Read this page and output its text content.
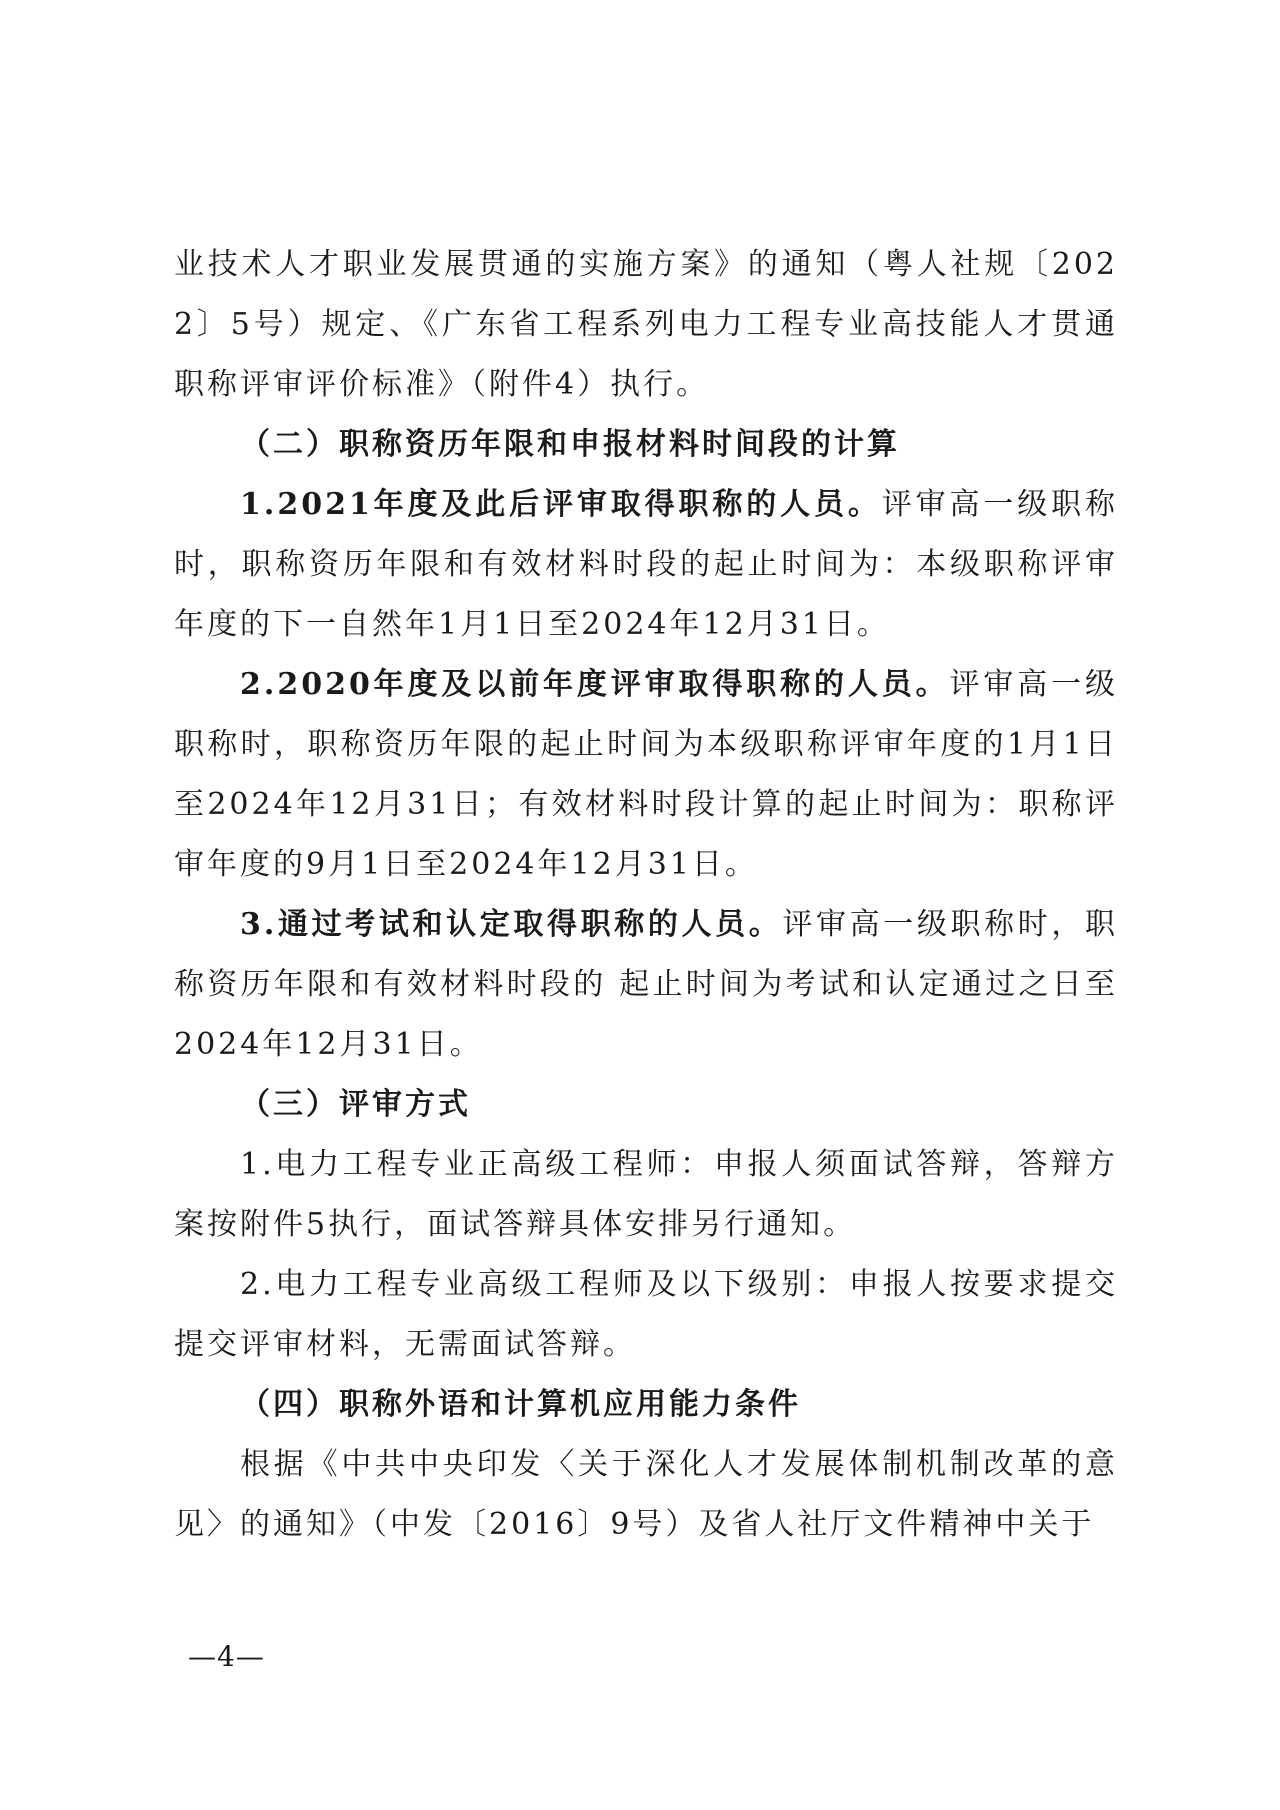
业技术人才职业发展贯通的实施方案》的通知（粤人社规〔2022〕5号）规定、《广东省工程系列电力工程专业高技能人才贯通职称评审评价标准》（附件4）执行。

（二）职称资历年限和申报材料时间段的计算

1.2021年度及此后评审取得职称的人员。评审高一级职称时，职称资历年限和有效材料时段的起止时间为：本级职称评审年度的下一自然年1月1日至2024年12月31日。

2.2020年度及以前年度评审取得职称的人员。评审高一级职称时，职称资历年限的起止时间为本级职称评审年度的1月1日至2024年12月31日；有效材料时段计算的起止时间为：职称评审年度的9月1日至2024年12月31日。

3.通过考试和认定取得职称的人员。评审高一级职称时，职称资历年限和有效材料时段的 起止时间为考试和认定通过之日至2024年12月31日。

（三）评审方式

1.电力工程专业正高级工程师：申报人须面试答辩，答辩方案按附件5执行，面试答辩具体安排另行通知。

2.电力工程专业高级工程师及以下级别：申报人按要求提交提交评审材料，无需面试答辩。

（四）职称外语和计算机应用能力条件

根据《中共中央印发〈关于深化人才发展体制机制改革的意见〉的通知》（中发〔2016〕9号）及省人社厅文件精神中关于

—4—
